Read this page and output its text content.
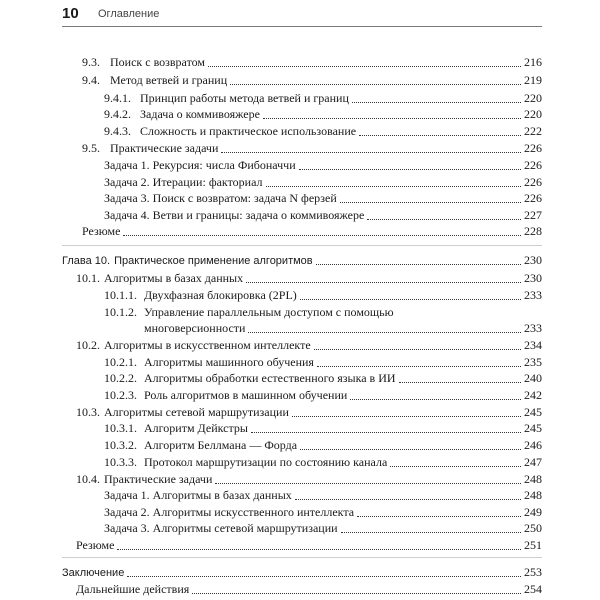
10 Оглавление
9.3. Поиск с возвратом	216
9.4. Метод ветвей и границ	219
9.4.1. Принцип работы метода ветвей и границ	220
9.4.2. Задача о коммивояжере	220
9.4.3. Сложность и практическое использование	222
9.5. Практические задачи	226
Задача 1. Рекурсия: числа Фибоначчи	226
Задача 2. Итерации: факториал	226
Задача 3. Поиск с возвратом: задача N ферзей	226
Задача 4. Ветви и границы: задача о коммивояжере	227
Резюме	228
Глава 10. Практическое применение алгоритмов	230
10.1. Алгоритмы в базах данных	230
10.1.1. Двухфазная блокировка (2PL)	233
10.1.2. Управление параллельным доступом с помощью
многоверсионности	233
10.2. Алгоритмы в искусственном интеллекте	234
10.2.1. Алгоритмы машинного обучения	235
10.2.2. Алгоритмы обработки естественного языка в ИИ	240
10.2.3. Роль алгоритмов в машинном обучении	242
10.3. Алгоритмы сетевой маршрутизации	245
10.3.1. Алгоритм Дейкстры	245
10.3.2. Алгоритм Беллмана — Форда	246
10.3.3. Протокол маршрутизации по состоянию канала	247
10.4. Практические задачи	248
Задача 1. Алгоритмы в базах данных	248
Задача 2. Алгоритмы искусственного интеллекта	249
Задача 3. Алгоритмы сетевой маршрутизации	250
Резюме	251
Заключение	253
Дальнейшие действия	254
